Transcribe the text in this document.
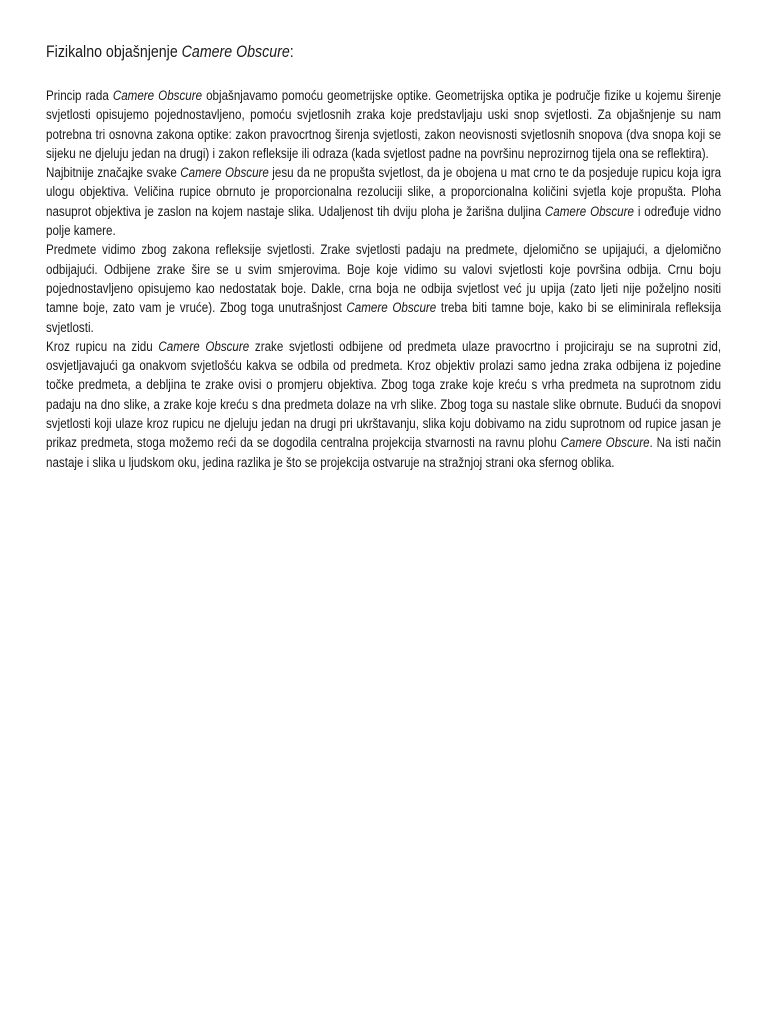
Fizikalno objašnjenje Camere Obscure:

Princip rada Camere Obscure objašnjavamo pomoću geometrijske optike. Geometrijska optika je područje fizike u kojemu širenje svjetlosti opisujemo pojednostavljeno, pomoću svjetlosnih zraka koje predstavljaju uski snop svjetlosti. Za objašnjenje su nam potrebna tri osnovna zakona optike: zakon pravocrtnog širenja svjetlosti, zakon neovisnosti svjetlosnih snopova (dva snopa koji se sijeku ne djeluju jedan na drugi) i zakon refleksije ili odraza (kada svjetlost padne na površinu neprozirnog tijela ona se reflektira).

Najbitnije značajke svake Camere Obscure jesu da ne propušta svjetlost, da je obojena u mat crno te da posjeduje rupicu koja igra ulogu objektiva. Veličina rupice obrnuto je proporcionalna rezoluciji slike, a proporcionalna količini svjetla koje propušta. Ploha nasuprot objektiva je zaslon na kojem nastaje slika. Udaljenost tih dviju ploha je žarišna duljina Camere Obscure i određuje vidno polje kamere.

Predmete vidimo zbog zakona refleksije svjetlosti. Zrake svjetlosti padaju na predmete, djelomično se upijajući, a djelomično odbijajući. Odbijene zrake šire se u svim smjerovima. Boje koje vidimo su valovi svjetlosti koje površina odbija. Crnu boju pojednostavljeno opisujemo kao nedostatak boje. Dakle, crna boja ne odbija svjetlost već ju upija (zato ljeti nije poželjno nositi tamne boje, zato vam je vruće). Zbog toga unutrašnjost Camere Obscure treba biti tamne boje, kako bi se eliminirala refleksija svjetlosti.

Kroz rupicu na zidu Camere Obscure zrake svjetlosti odbijene od predmeta ulaze pravocrtno i projiciraju se na suprotni zid, osvjetljavajući ga onakvom svjetlošću kakva se odbila od predmeta. Kroz objektiv prolazi samo jedna zraka odbijena iz pojedine točke predmeta, a debljina te zrake ovisi o promjeru objektiva. Zbog toga zrake koje kreću s vrha predmeta na suprotnom zidu padaju na dno slike, a zrake koje kreću s dna predmeta dolaze na vrh slike. Zbog toga su nastale slike obrnute. Budući da snopovi svjetlosti koji ulaze kroz rupicu ne djeluju jedan na drugi pri ukrštavanju, slika koju dobivamo na zidu suprotnom od rupice jasan je prikaz predmeta, stoga možemo reći da se dogodila centralna projekcija stvarnosti na ravnu plohu Camere Obscure. Na isti način nastaje i slika u ljudskom oku, jedina razlika je što se projekcija ostvaruje na stražnjoj strani oka sfernog oblika.
